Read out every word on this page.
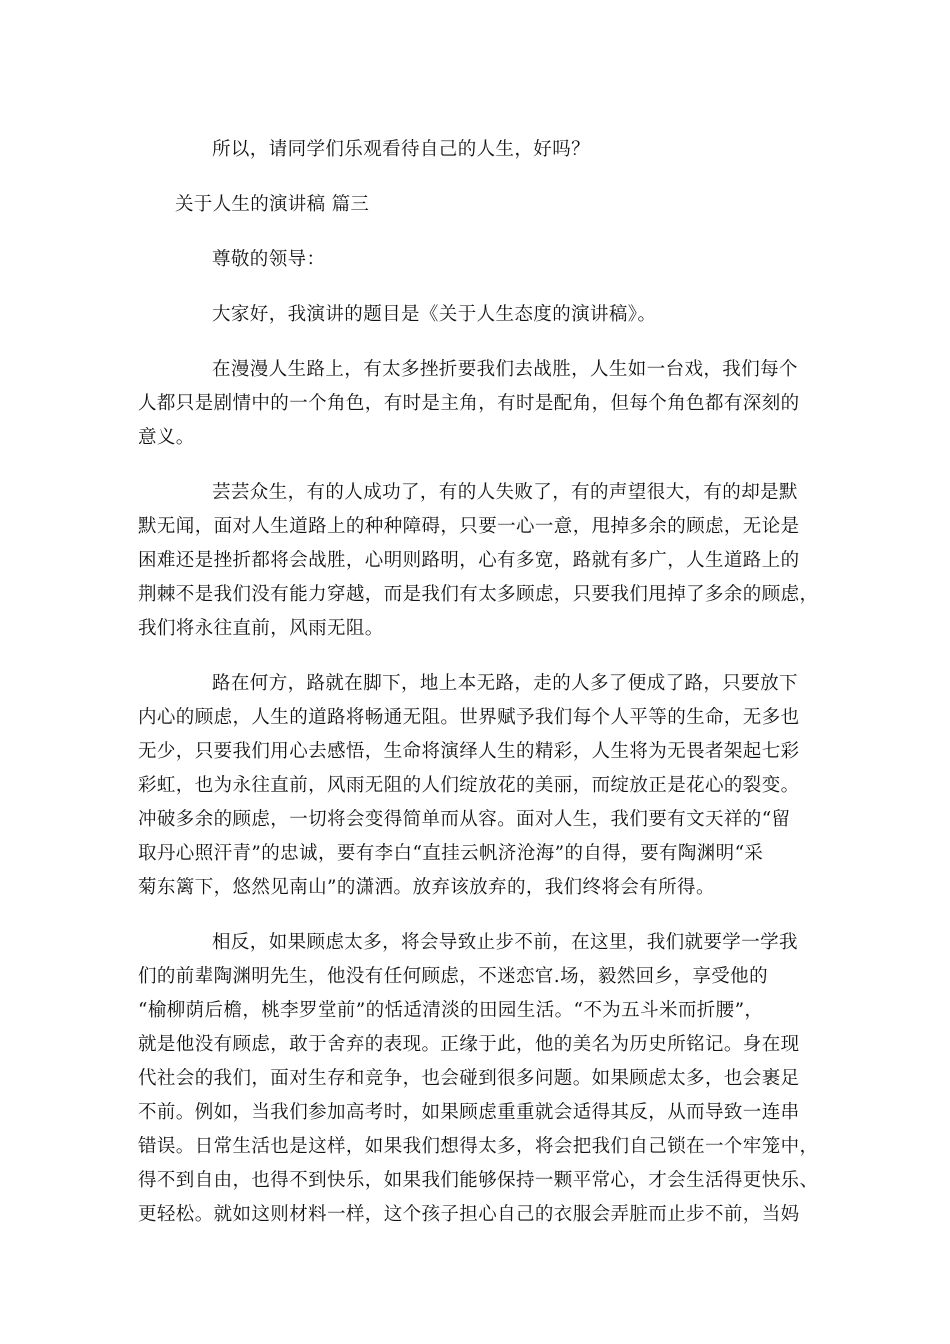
所以，请同学们乐观看待自己的人生，好吗？

关于人生的演讲稿 篇三

尊敬的领导：

大家好，我演讲的题目是《关于人生态度的演讲稿》。

在漫漫人生路上，有太多挫折要我们去战胜，人生如一台戏，我们每个

人都只是剧情中的一个角色，有时是主角，有时是配角，但每个角色都有深刻的

意义。

芸芸众生，有的人成功了，有的人失败了，有的声望很大，有的却是默

默无闻，面对人生道路上的种种障碍，只要一心一意，甩掉多余的顾虑，无论是

困难还是挫折都将会战胜，心明则路明，心有多宽，路就有多广，人生道路上的

荆棘不是我们没有能力穿越，而是我们有太多顾虑，只要我们甩掉了多余的顾虑，

我们将永往直前，风雨无阻。

路在何方，路就在脚下，地上本无路，走的人多了便成了路，只要放下

内心的顾虑，人生的道路将畅通无阻。世界赋予我们每个人平等的生命，无多也

无少，只要我们用心去感悟，生命将演绎人生的精彩，人生将为无畏者架起七彩

彩虹，也为永往直前，风雨无阻的人们绽放花的美丽，而绽放正是花心的裂变。

冲破多余的顾虑，一切将会变得简单而从容。面对人生，我们要有文天祥的“留

取丹心照汗青”的忠诚，要有李白“直挂云帆济沧海”的自得，要有陶渊明“采

菊东篱下，悠然见南山”的潇洒。放弃该放弃的，我们终将会有所得。

相反，如果顾虑太多，将会导致止步不前，在这里，我们就要学一学我

们的前辈陶渊明先生，他没有任何顾虑，不迷恋官.场，毅然回乡，享受他的

“榆柳荫后檐，桃李罗堂前”的恬适清淡的田园生活。“不为五斗米而折腰”，

就是他没有顾虑，敢于舍弃的表现。正缘于此，他的美名为历史所铭记。身在现

代社会的我们，面对生存和竞争，也会碰到很多问题。如果顾虑太多，也会裹足

不前。例如，当我们参加高考时，如果顾虑重重就会适得其反，从而导致一连串

错误。日常生活也是这样，如果我们想得太多，将会把我们自己锁在一个牢笼中，

得不到自由，也得不到快乐，如果我们能够保持一颗平常心，才会生活得更快乐、

更轻松。就如这则材料一样，这个孩子担心自己的衣服会弄脏而止步不前，当妈
